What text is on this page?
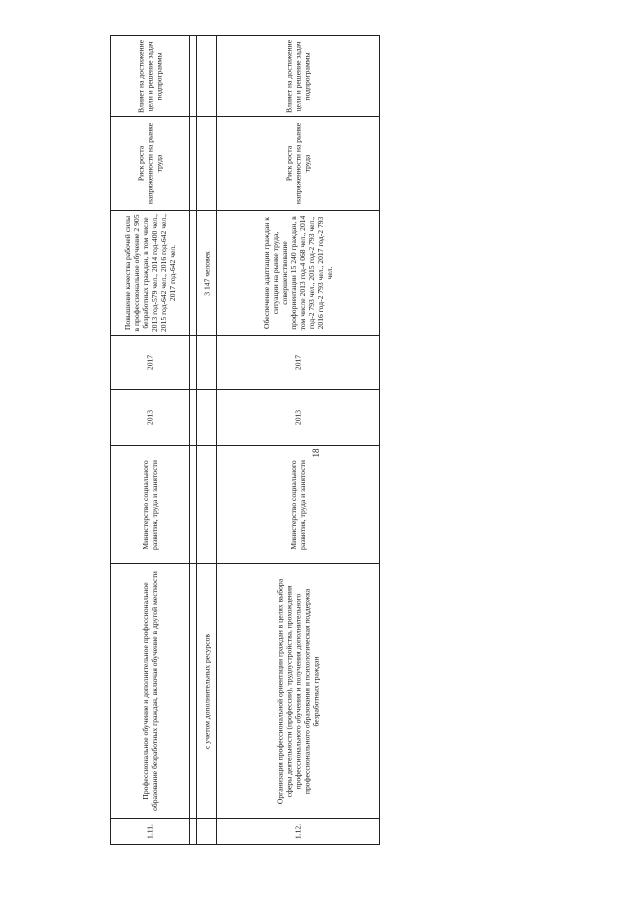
18
Влияет на достижение цели и решение задач подпрограммы
Риск роста напряженности на рынке труда
Повышение качества рабочей силы в профессиональное обучение 2 905 безработных граждан, в том числе 2013 год-579 чел., 2014 год-400 чел., 2015 год-642 чел., 2016 год-642 чел., 2017 год-642 чел.
2017
2013
Министерство социального развития, труда и занятости
Профессиональное обучение и дополнительное профессиональное образование безработных граждан, включая обучение в другой местности
1.11.
3 147 человек
с учетом дополнительных ресурсов
Влияет на достижение цели и решение задач подпрограммы
Риск роста напряженности на рынке труда
Обеспечение адаптации граждан к ситуации на рынке труда, совершенствование профориентации 15 240 граждан, в том числе 2013 год-4 068 чел., 2014 год-2 793 чел., 2015 год-2 793 чел., 2016 год-2 793 чел., 2017 год-2 793 чел.
2017
2013
Министерство социального развития, труда и занятости
Организация профессиональной ориентации граждан в целях выбора сферы деятельности (профессии), трудоустройства, прохождения профессионального обучения и получения дополнительного профессионального образования и психологическая поддержка безработных граждан
1.12.
